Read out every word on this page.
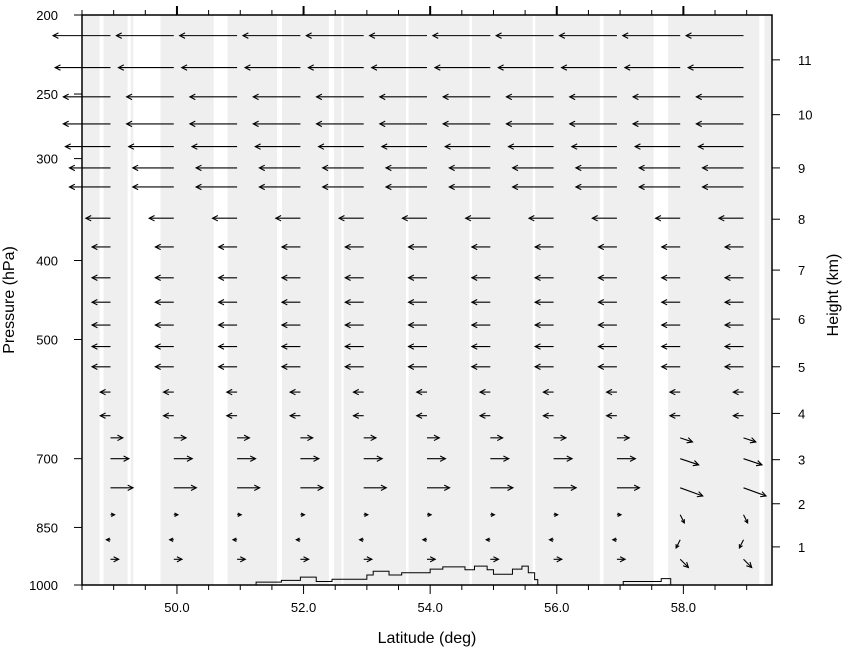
50.0	52.0	54.0	56.0	58.0
200
250
300
400
500
700
850
1000
1
2
3
4
5
6
7
8
9
10
11
Latitude (deg)
Pressure (hPa)	Height (km)
